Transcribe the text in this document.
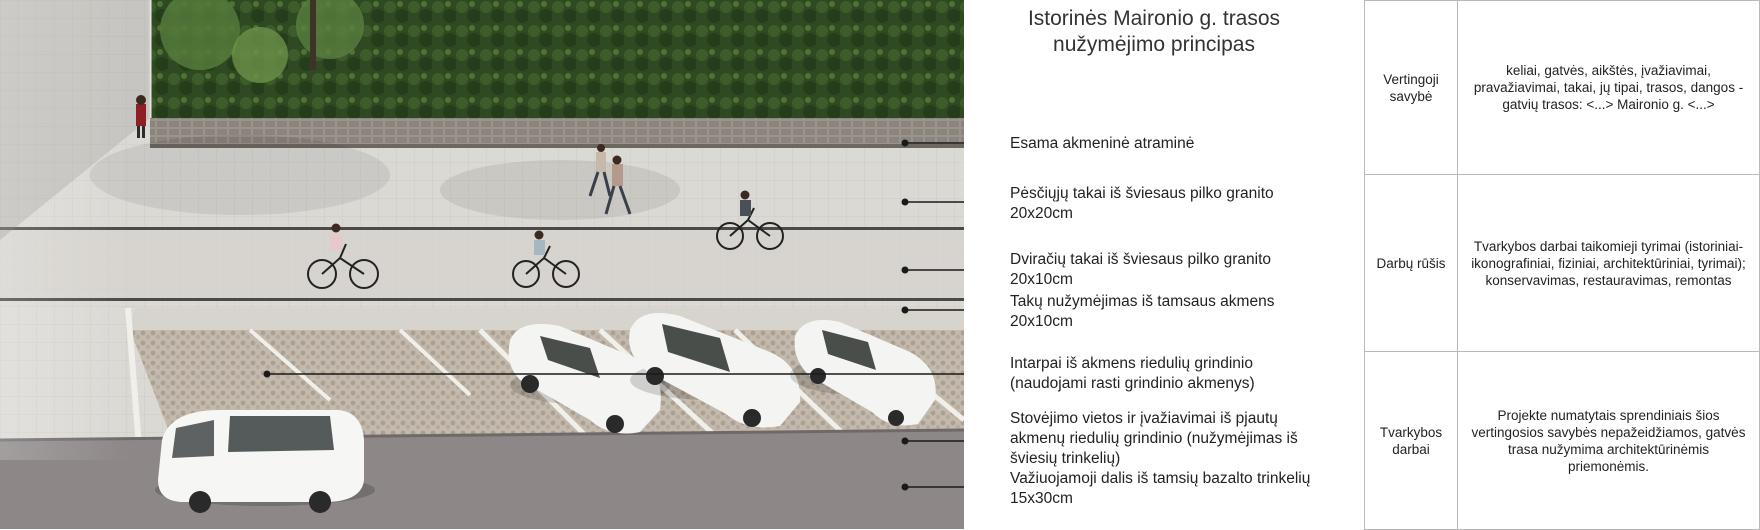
Istorinės Maironio g. trasos
nužymėjimo principas
Esama akmeninė atraminė
Pėsčiųjų takai iš šviesaus pilko granito
20x20cm
Dviračių takai iš šviesaus pilko granito
20x10cm
Takų nužymėjimas iš tamsaus akmens
20x10cm
Intarpai iš akmens riedulių grindinio
(naudojami rasti grindinio akmenys)
Stovėjimo vietos ir įvažiavimai iš pjautų
akmenų riedulių grindinio (nužymėjimas iš
šviesių trinkelių)
Važiuojamoji dalis iš tamsių bazalto trinkelių
15x30cm
Vertingoji
savybė	keliai, gatvės, aikštės, įvažiavimai, pravažiavimai, takai, jų tipai, trasos, dangos - gatvių trasos: <...> Maironio g. <...>
Darbų rūšis	Tvarkybos darbai taikomieji tyrimai (istoriniai-ikonografiniai, fiziniai, architektūriniai, tyrimai); konservavimas, restauravimas, remontas
Tvarkybos
darbai	Projekte numatytais sprendiniais šios vertingosios savybės nepažeidžiamos, gatvės trasa nužymima architektūrinėmis priemonėmis.
